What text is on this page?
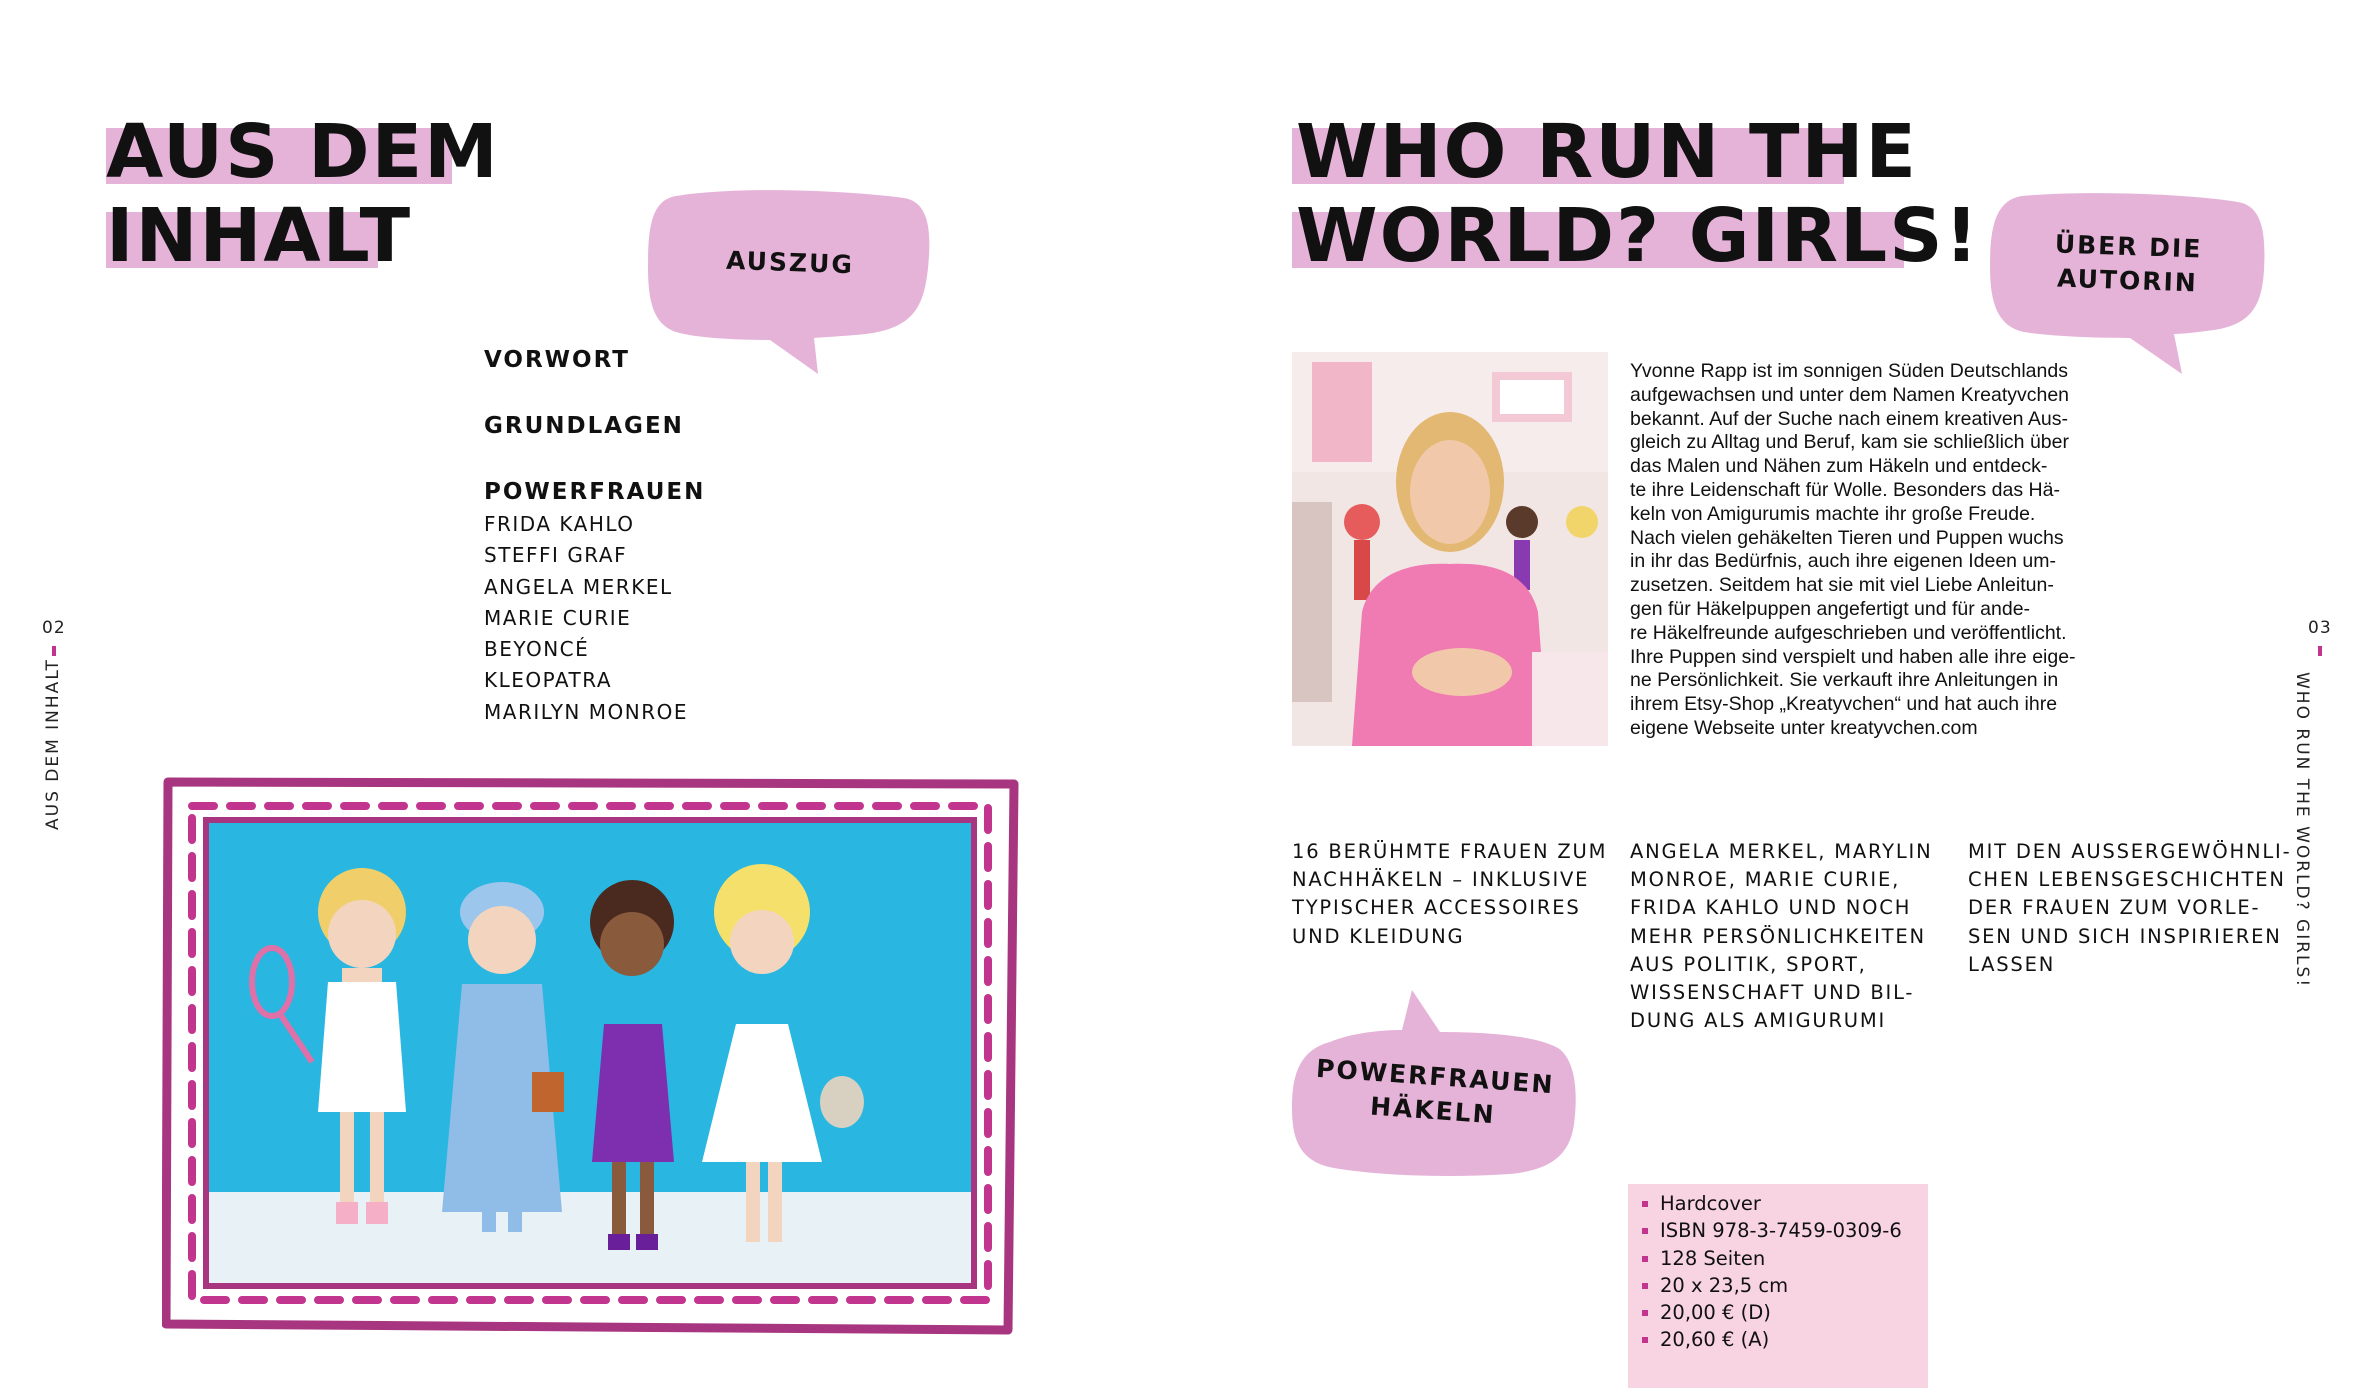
AUS DEM
INHALT	AUSZUG
VORWORT
GRUNDLAGEN
POWERFRAUEN
FRIDA KAHLO
STEFFI GRAF
ANGELA MERKEL
MARIE CURIE
BEYONCÉ
KLEOPATRA
MARILYN MONROE
02
AUS DEM INHALT
WHO RUN THE
WORLD? GIRLS!	ÜBER DIE
AUTORIN

Yvonne Rapp ist im sonnigen Süden Deutschlands

aufgewachsen und unter dem Namen Kreatyvchen

bekannt. Auf der Suche nach einem kreativen Aus-

gleich zu Alltag und Beruf, kam sie schließlich über

das Malen und Nähen zum Häkeln und entdeck-

te ihre Leidenschaft für Wolle. Besonders das Hä-

keln von Amigurumis machte ihr große Freude.

Nach vielen gehäkelten Tieren und Puppen wuchs

in ihr das Bedürfnis, auch ihre eigenen Ideen um-

zusetzen. Seitdem hat sie mit viel Liebe Anleitun-

gen für Häkelpuppen angefertigt und für ande-

re Häkelfreunde aufgeschrieben und veröffentlicht.

Ihre Puppen sind verspielt und haben alle ihre eige-

ne Persönlichkeit. Sie verkauft ihre Anleitungen in

ihrem Etsy-Shop „Kreatyvchen“ und hat auch ihre

eigene Webseite unter kreatyvchen.com

16 BERÜHMTE FRAUEN ZUM

NACHHÄKELN – INKLUSIVE

TYPISCHER ACCESSOIRES

UND KLEIDUNG

ANGELA MERKEL, MARYLIN

MONROE, MARIE CURIE,

FRIDA KAHLO UND NOCH

MEHR PERSÖNLICHKEITEN

AUS POLITIK, SPORT,

WISSENSCHAFT UND BIL-

DUNG ALS AMIGURUMI

MIT DEN AUSSERGEWÖHNLI-

CHEN LEBENSGESCHICHTEN

DER FRAUEN ZUM VORLE-

SEN UND SICH INSPIRIEREN

LASSEN

POWERFRAUEN
HÄKELN
Hardcover
ISBN 978-3-7459-0309-6
128 Seiten
20 x 23,5 cm
20,00 € (D)
20,60 € (A)
03
WHO RUN THE WORLD? GIRLS!
